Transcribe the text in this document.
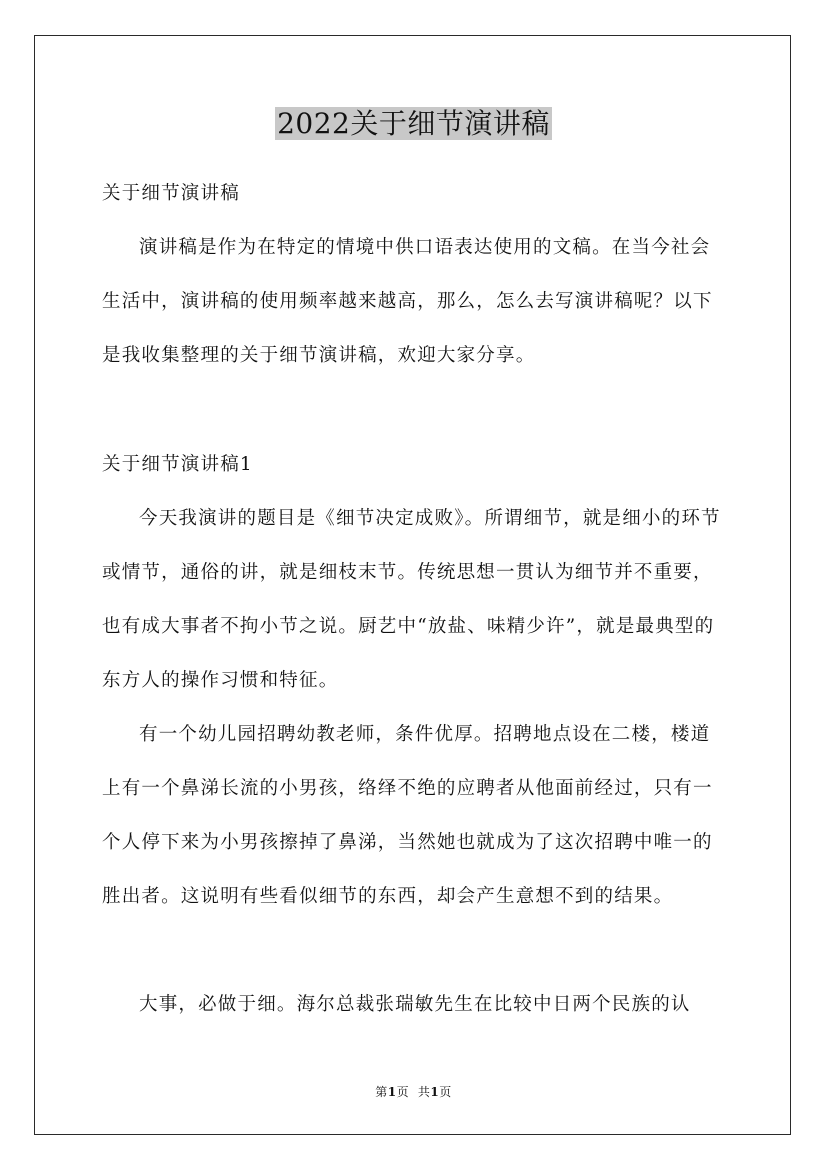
2022关于细节演讲稿
关于细节演讲稿

演讲稿是作为在特定的情境中供口语表达使用的文稿。在当今社会生活中，演讲稿的使用频率越来越高，那么，怎么去写演讲稿呢？以下是我收集整理的关于细节演讲稿，欢迎大家分享。

关于细节演讲稿1

今天我演讲的题目是《细节决定成败》。所谓细节，就是细小的环节或情节，通俗的讲，就是细枝末节。传统思想一贯认为细节并不重要，也有成大事者不拘小节之说。厨艺中“放盐、味精少许”，就是最典型的东方人的操作习惯和特征。

有一个幼儿园招聘幼教老师，条件优厚。招聘地点设在二楼，楼道上有一个鼻涕长流的小男孩，络绎不绝的应聘者从他面前经过，只有一个人停下来为小男孩擦掉了鼻涕，当然她也就成为了这次招聘中唯一的胜出者。这说明有些看似细节的东西，却会产生意想不到的结果。

大事，必做于细。海尔总裁张瑞敏先生在比较中日两个民族的认

第1页 共1页
